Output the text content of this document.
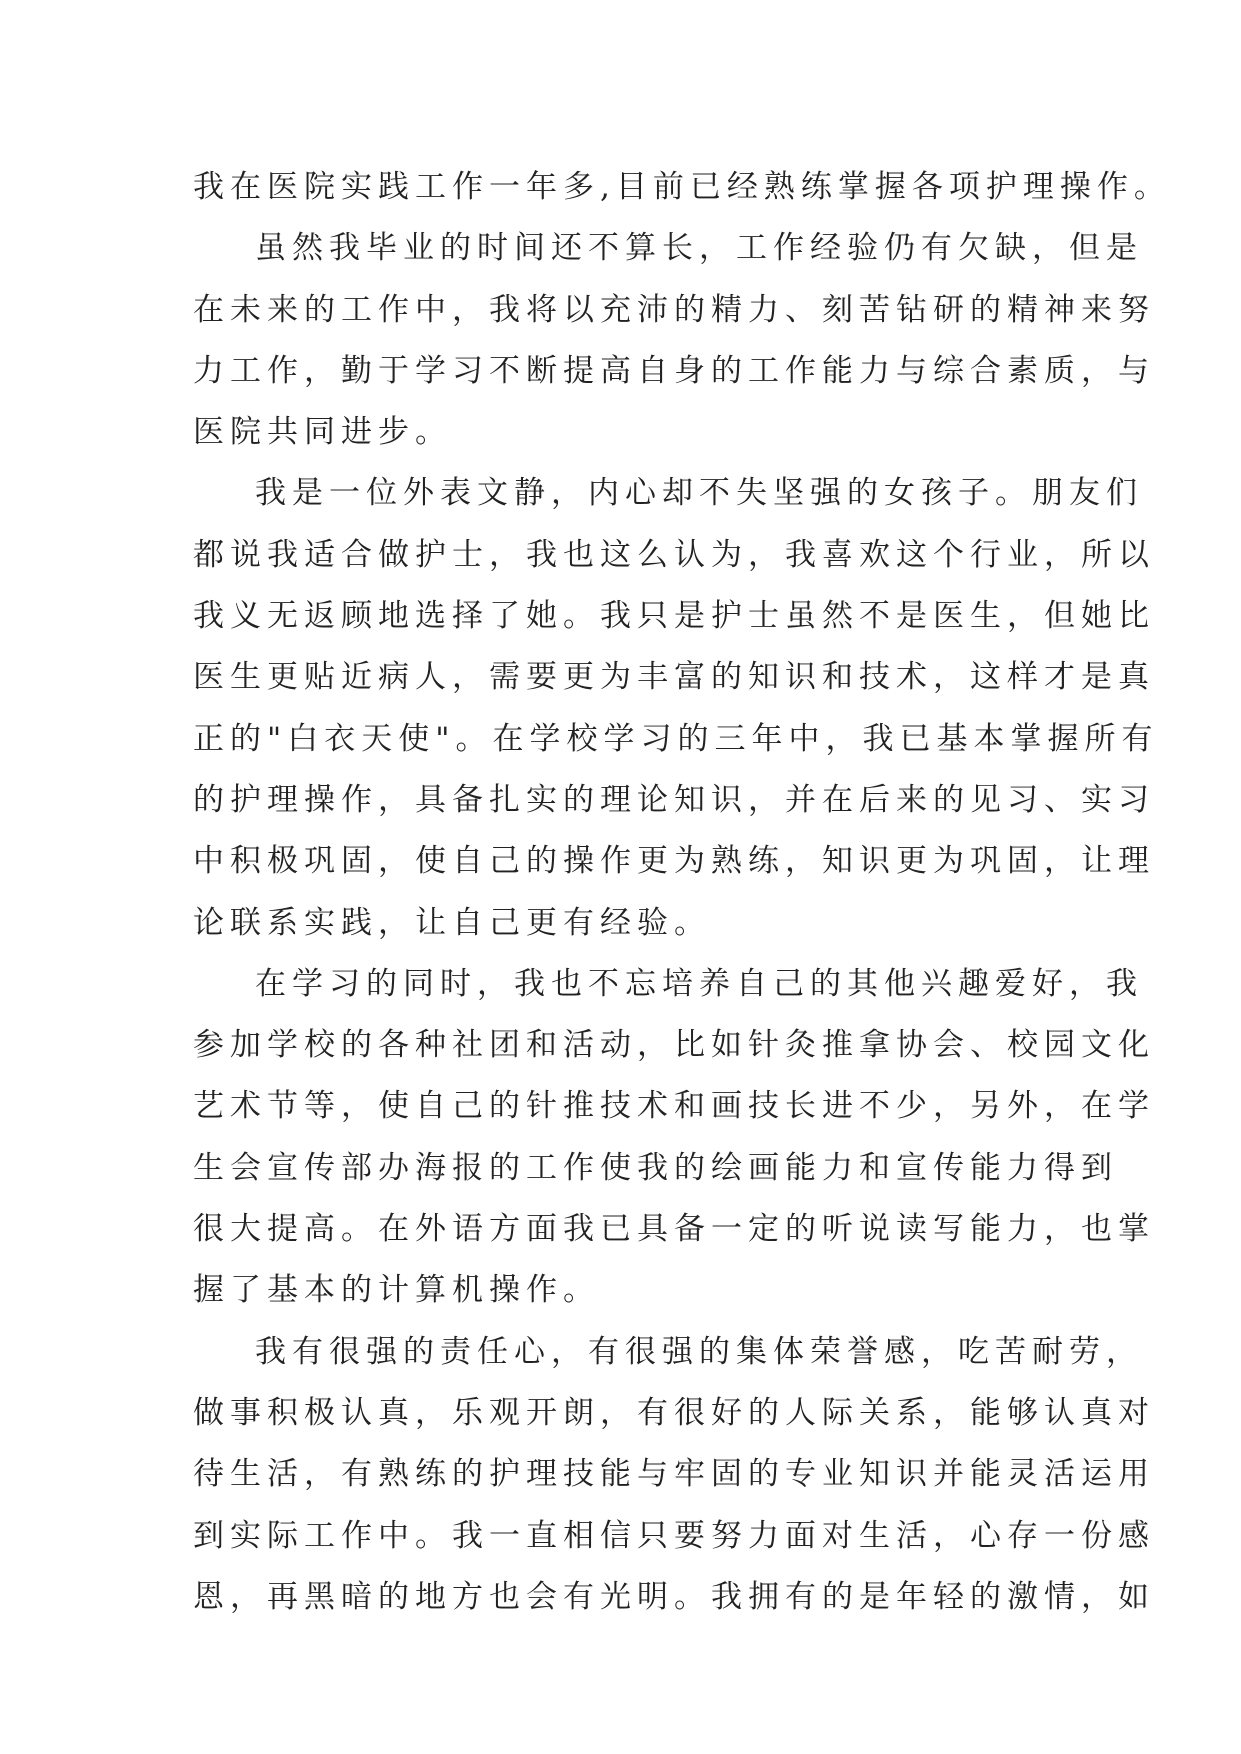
我在医院实践工作一年多,目前已经熟练掌握各项护理操作。
虽然我毕业的时间还不算长，工作经验仍有欠缺，但是
在未来的工作中，我将以充沛的精力、刻苦钻研的精神来努
力工作，勤于学习不断提高自身的工作能力与综合素质，与
医院共同进步。
我是一位外表文静，内心却不失坚强的女孩子。朋友们
都说我适合做护士，我也这么认为，我喜欢这个行业，所以
我义无返顾地选择了她。我只是护士虽然不是医生，但她比
医生更贴近病人，需要更为丰富的知识和技术，这样才是真
正的"白衣天使"。在学校学习的三年中，我已基本掌握所有
的护理操作，具备扎实的理论知识，并在后来的见习、实习
中积极巩固，使自己的操作更为熟练，知识更为巩固，让理
论联系实践，让自己更有经验。
在学习的同时，我也不忘培养自己的其他兴趣爱好，我
参加学校的各种社团和活动，比如针灸推拿协会、校园文化
艺术节等，使自己的针推技术和画技长进不少，另外，在学
生会宣传部办海报的工作使我的绘画能力和宣传能力得到
很大提高。在外语方面我已具备一定的听说读写能力，也掌
握了基本的计算机操作。
我有很强的责任心，有很强的集体荣誉感，吃苦耐劳，
做事积极认真，乐观开朗，有很好的人际关系，能够认真对
待生活，有熟练的护理技能与牢固的专业知识并能灵活运用
到实际工作中。我一直相信只要努力面对生活，心存一份感
恩，再黑暗的地方也会有光明。我拥有的是年轻的激情，如
